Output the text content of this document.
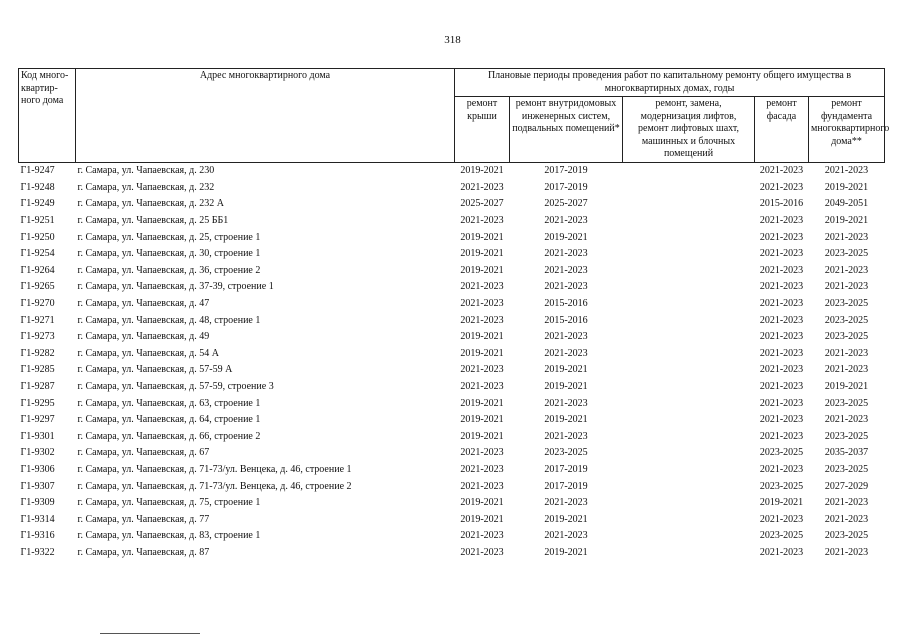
318
Код много-квартир-ного дома	Адрес многоквартирного дома	Плановые периоды проведения работ по капитальному ремонту общего имущества в многоквартирных домах, годы				
		ремонт крыши	ремонт внутридомовых инженерных систем, подвальных помещений*	ремонт, замена, модернизация лифтов, ремонт лифтовых шахт, машинных и блочных помещений	ремонт фасада	ремонт фундамента многоквартирного дома**
Г1-9247	г. Самара, ул. Чапаевская, д. 230	2019-2021	2017-2019		2021-2023	2021-2023
Г1-9248	г. Самара, ул. Чапаевская, д. 232	2021-2023	2017-2019		2021-2023	2019-2021
Г1-9249	г. Самара, ул. Чапаевская, д. 232 А	2025-2027	2025-2027		2015-2016	2049-2051
Г1-9251	г. Самара, ул. Чапаевская, д. 25 ББ1	2021-2023	2021-2023		2021-2023	2019-2021
Г1-9250	г. Самара, ул. Чапаевская, д. 25, строение 1	2019-2021	2019-2021		2021-2023	2021-2023
Г1-9254	г. Самара, ул. Чапаевская, д. 30, строение 1	2019-2021	2021-2023		2021-2023	2023-2025
Г1-9264	г. Самара, ул. Чапаевская, д. 36, строение 2	2019-2021	2021-2023		2021-2023	2021-2023
Г1-9265	г. Самара, ул. Чапаевская, д. 37-39, строение 1	2021-2023	2021-2023		2021-2023	2021-2023
Г1-9270	г. Самара, ул. Чапаевская, д. 47	2021-2023	2015-2016		2021-2023	2023-2025
Г1-9271	г. Самара, ул. Чапаевская, д. 48, строение 1	2021-2023	2015-2016		2021-2023	2023-2025
Г1-9273	г. Самара, ул. Чапаевская, д. 49	2019-2021	2021-2023		2021-2023	2023-2025
Г1-9282	г. Самара, ул. Чапаевская, д. 54 А	2019-2021	2021-2023		2021-2023	2021-2023
Г1-9285	г. Самара, ул. Чапаевская, д. 57-59 А	2021-2023	2019-2021		2021-2023	2021-2023
Г1-9287	г. Самара, ул. Чапаевская, д. 57-59, строение 3	2021-2023	2019-2021		2021-2023	2019-2021
Г1-9295	г. Самара, ул. Чапаевская, д. 63, строение 1	2019-2021	2021-2023		2021-2023	2023-2025
Г1-9297	г. Самара, ул. Чапаевская, д. 64, строение 1	2019-2021	2019-2021		2021-2023	2021-2023
Г1-9301	г. Самара, ул. Чапаевская, д. 66, строение 2	2019-2021	2021-2023		2021-2023	2023-2025
Г1-9302	г. Самара, ул. Чапаевская, д. 67	2021-2023	2023-2025		2023-2025	2035-2037
Г1-9306	г. Самара, ул. Чапаевская, д. 71-73/ул. Венцека, д. 46, строение 1	2021-2023	2017-2019		2021-2023	2023-2025
Г1-9307	г. Самара, ул. Чапаевская, д. 71-73/ул. Венцека, д. 46, строение 2	2021-2023	2017-2019		2023-2025	2027-2029
Г1-9309	г. Самара, ул. Чапаевская, д. 75, строение 1	2019-2021	2021-2023		2019-2021	2021-2023
Г1-9314	г. Самара, ул. Чапаевская, д. 77	2019-2021	2019-2021		2021-2023	2021-2023
Г1-9316	г. Самара, ул. Чапаевская, д. 83, строение 1	2021-2023	2021-2023		2023-2025	2023-2025
Г1-9322	г. Самара, ул. Чапаевская, д. 87	2021-2023	2019-2021		2021-2023	2021-2023
